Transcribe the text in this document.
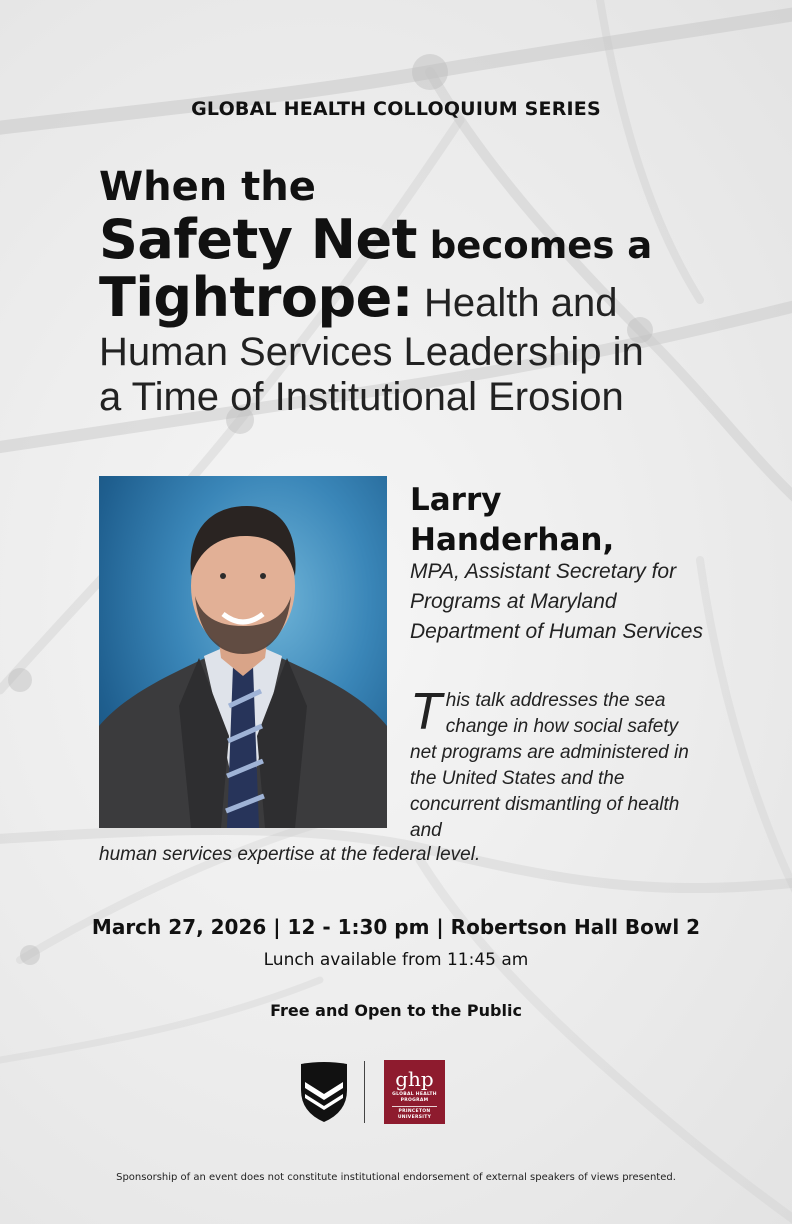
GLOBAL HEALTH COLLOQUIUM SERIES
When the
Safety Net becomes a
Tightrope: Health and
Human Services Leadership in
a Time of Institutional Erosion
Larry
Handerhan,
MPA, Assistant Secretary for Programs at Maryland Department of Human Services
This talk addresses the sea change in how social safety net programs are administered in the United States and the concurrent dismantling of health and
human services expertise at the federal level.
March 27, 2026 | 12 - 1:30 pm | Robertson Hall Bowl 2
Lunch available from 11:45 am
Free and Open to the Public
ghp
GLOBAL HEALTH
PROGRAM
PRINCETON UNIVERSITY
Sponsorship of an event does not constitute institutional endorsement of external speakers of views presented.
